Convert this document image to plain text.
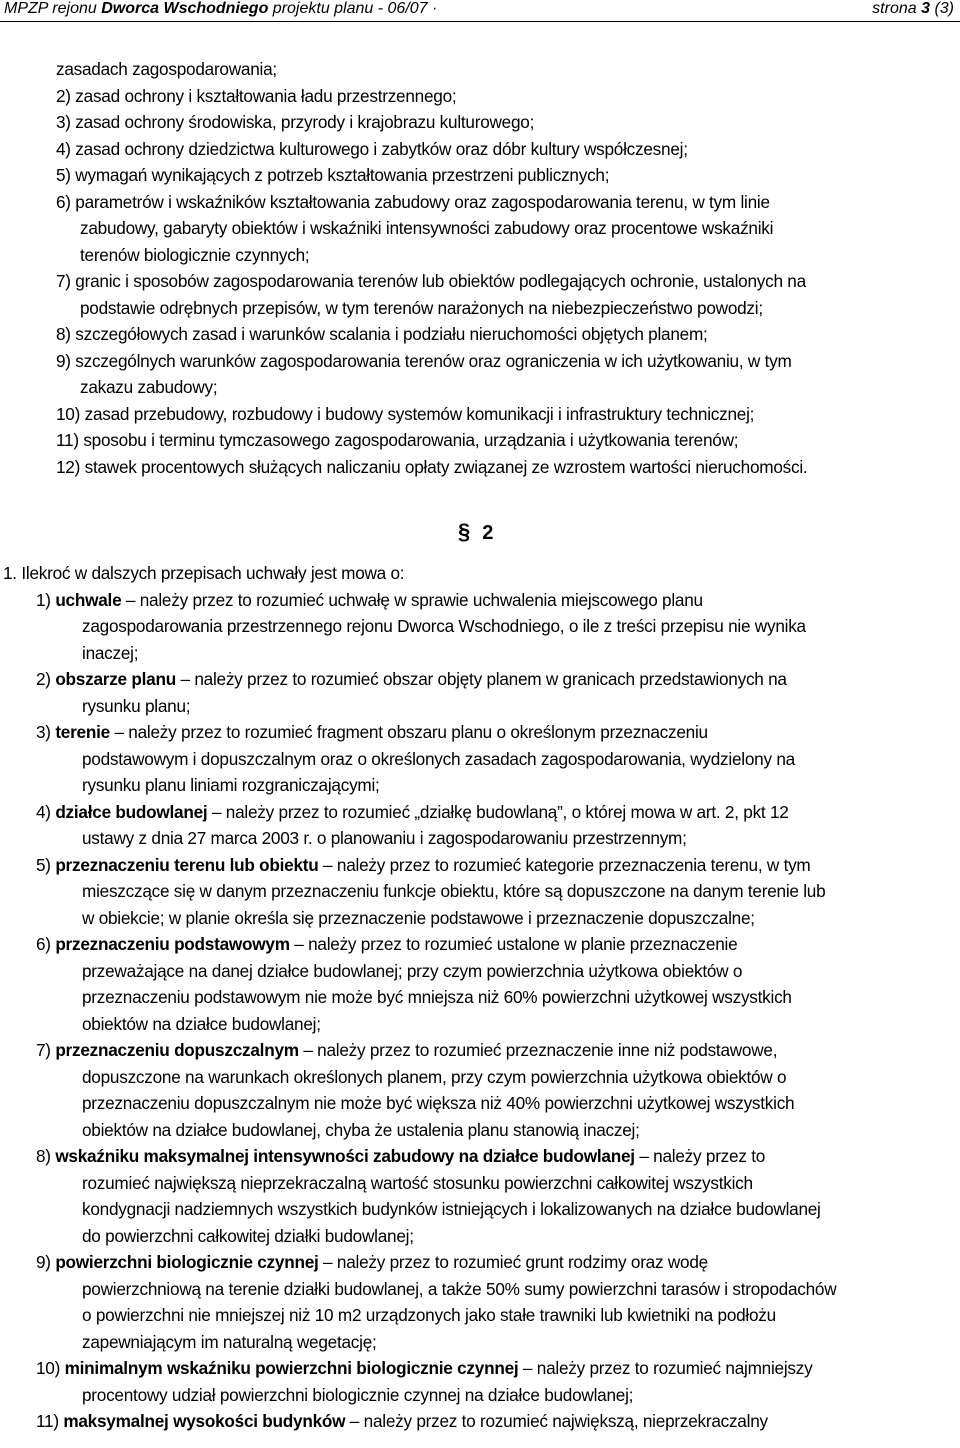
MPZP rejonu Dworca Wschodniego projektu planu - 06/07 ·	strona 3 (3)
zasadach zagospodarowania;
2) zasad ochrony i kształtowania ładu przestrzennego;
3) zasad ochrony środowiska, przyrody i krajobrazu kulturowego;
4) zasad ochrony dziedzictwa kulturowego i zabytków oraz dóbr kultury współczesnej;
5) wymagań wynikających z potrzeb kształtowania przestrzeni publicznych;
6) parametrów i wskaźników kształtowania zabudowy oraz zagospodarowania terenu, w tym linie
zabudowy, gabaryty obiektów i wskaźniki intensywności zabudowy oraz procentowe wskaźniki
terenów biologicznie czynnych;
7) granic i sposobów zagospodarowania terenów lub obiektów podlegających ochronie, ustalonych na
podstawie odrębnych przepisów, w tym terenów narażonych na niebezpieczeństwo powodzi;
8) szczegółowych zasad i warunków scalania i podziału nieruchomości objętych planem;
9) szczególnych warunków zagospodarowania terenów oraz ograniczenia w ich użytkowaniu, w tym
zakazu zabudowy;
10) zasad przebudowy, rozbudowy i budowy systemów komunikacji i infrastruktury technicznej;
11) sposobu i terminu tymczasowego zagospodarowania, urządzania i użytkowania terenów;
12) stawek procentowych służących naliczaniu opłaty związanej ze wzrostem wartości nieruchomości.
§ 2
1. Ilekroć w dalszych przepisach uchwały jest mowa o:
1) uchwale – należy przez to rozumieć uchwałę w sprawie uchwalenia miejscowego planu
zagospodarowania przestrzennego rejonu Dworca Wschodniego, o ile z treści przepisu nie wynika
inaczej;
2) obszarze planu – należy przez to rozumieć obszar objęty planem w granicach przedstawionych na
rysunku planu;
3) terenie – należy przez to rozumieć fragment obszaru planu o określonym przeznaczeniu
podstawowym i dopuszczalnym oraz o określonych zasadach zagospodarowania, wydzielony na
rysunku planu liniami rozgraniczającymi;
4) działce budowlanej – należy przez to rozumieć „działkę budowlaną”, o której mowa w art. 2, pkt 12
ustawy z dnia 27 marca 2003 r. o planowaniu i zagospodarowaniu przestrzennym;
5) przeznaczeniu terenu lub obiektu – należy przez to rozumieć kategorie przeznaczenia terenu, w tym
mieszczące się w danym przeznaczeniu funkcje obiektu, które są dopuszczone na danym terenie lub
w obiekcie; w planie określa się przeznaczenie podstawowe i przeznaczenie dopuszczalne;
6) przeznaczeniu podstawowym – należy przez to rozumieć ustalone w planie przeznaczenie
przeważające na danej działce budowlanej; przy czym powierzchnia użytkowa obiektów o
przeznaczeniu podstawowym nie może być mniejsza niż 60% powierzchni użytkowej wszystkich
obiektów na działce budowlanej;
7) przeznaczeniu dopuszczalnym – należy przez to rozumieć przeznaczenie inne niż podstawowe,
dopuszczone na warunkach określonych planem, przy czym powierzchnia użytkowa obiektów o
przeznaczeniu dopuszczalnym nie może być większa niż 40% powierzchni użytkowej wszystkich
obiektów na działce budowlanej, chyba że ustalenia planu stanowią inaczej;
8) wskaźniku maksymalnej intensywności zabudowy na działce budowlanej – należy przez to
rozumieć największą nieprzekraczalną wartość stosunku powierzchni całkowitej wszystkich
kondygnacji nadziemnych wszystkich budynków istniejących i lokalizowanych na działce budowlanej
do powierzchni całkowitej działki budowlanej;
9) powierzchni biologicznie czynnej – należy przez to rozumieć grunt rodzimy oraz wodę
powierzchniową na terenie działki budowlanej, a także 50% sumy powierzchni tarasów i stropodachów
o powierzchni nie mniejszej niż 10 m2 urządzonych jako stałe trawniki lub kwietniki na podłożu
zapewniającym im naturalną wegetację;
10) minimalnym wskaźniku powierzchni biologicznie czynnej – należy przez to rozumieć najmniejszy
procentowy udział powierzchni biologicznie czynnej na działce budowlanej;
11) maksymalnej wysokości budynków – należy przez to rozumieć największą, nieprzekraczalny
